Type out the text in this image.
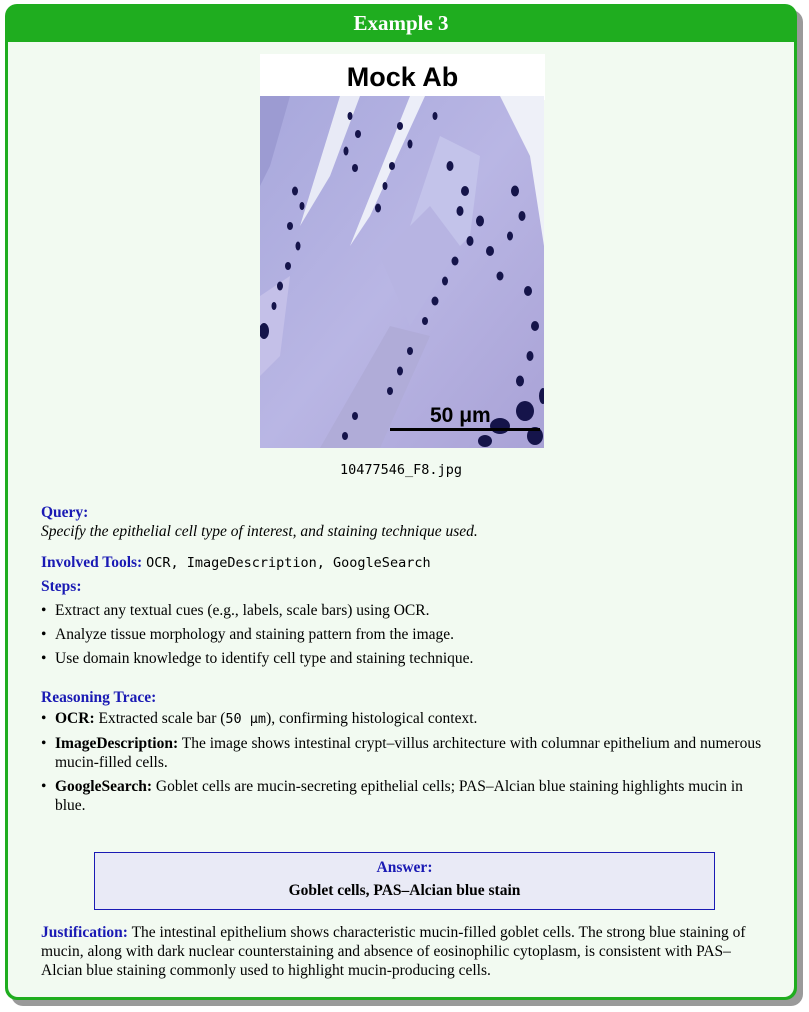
Example 3
Mock Ab
50 μm
10477546_F8.jpg
Query:
Specify the epithelial cell type of interest, and staining technique used.
Involved Tools: OCR, ImageDescription, GoogleSearch
Steps:
• Extract any textual cues (e.g., labels, scale bars) using OCR.
• Analyze tissue morphology and staining pattern from the image.
• Use domain knowledge to identify cell type and staining technique.
Reasoning Trace:
• OCR: Extracted scale bar (50 µm), confirming histological context.
• ImageDescription: The image shows intestinal crypt–villus architecture with columnar epithelium and numerous mucin-filled cells.
• GoogleSearch: Goblet cells are mucin-secreting epithelial cells; PAS–Alcian blue staining highlights mucin in blue.
Answer:
Goblet cells, PAS–Alcian blue stain
Justification: The intestinal epithelium shows characteristic mucin-filled goblet cells. The strong blue staining of mucin, along with dark nuclear counterstaining and absence of eosinophilic cytoplasm, is consistent with PAS–Alcian blue staining commonly used to highlight mucin-producing cells.
